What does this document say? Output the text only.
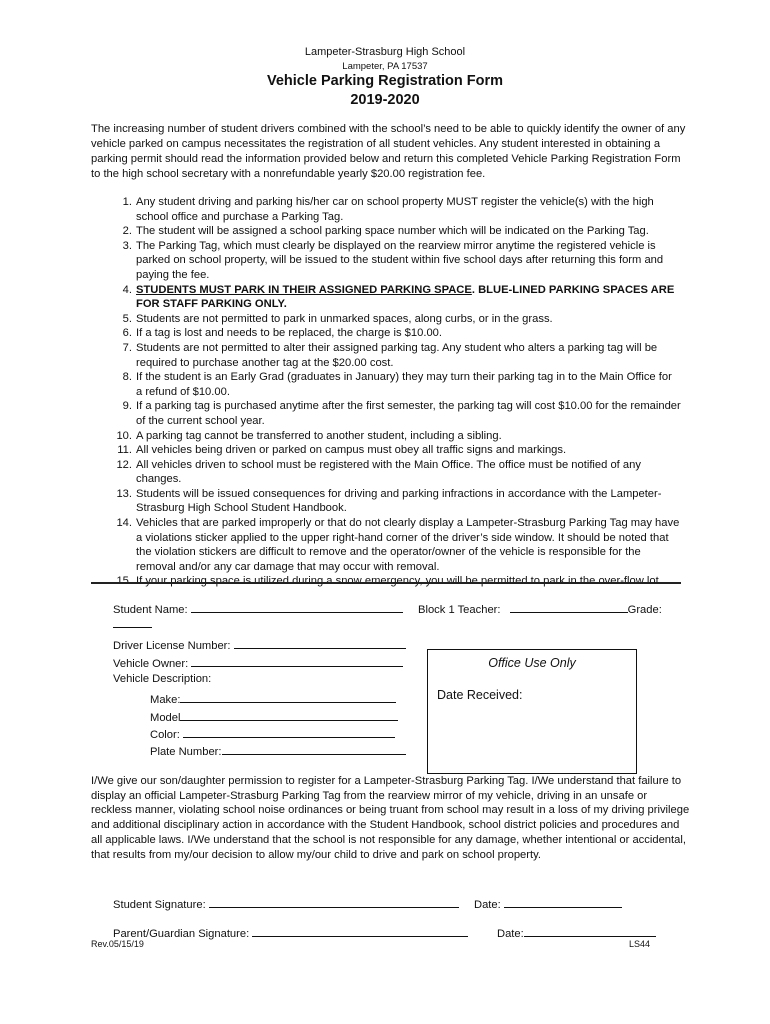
Lampeter-Strasburg High School
Lampeter, PA 17537
Vehicle Parking Registration Form
2019-2020

The increasing number of student drivers combined with the school’s need to be able to quickly identify the owner of any vehicle parked on campus necessitates the registration of all student vehicles. Any student interested in obtaining a parking permit should read the information provided below and return this completed Vehicle Parking Registration Form to the high school secretary with a nonrefundable yearly $20.00 registration fee.

1. Any student driving and parking his/her car on school property MUST register the vehicle(s) with the high school office and purchase a Parking Tag.
2. The student will be assigned a school parking space number which will be indicated on the Parking Tag.
3. The Parking Tag, which must clearly be displayed on the rearview mirror anytime the registered vehicle is parked on school property, will be issued to the student within five school days after returning this form and paying the fee.
4. STUDENTS MUST PARK IN THEIR ASSIGNED PARKING SPACE. BLUE-LINED PARKING SPACES ARE FOR STAFF PARKING ONLY.
5. Students are not permitted to park in unmarked spaces, along curbs, or in the grass.
6. If a tag is lost and needs to be replaced, the charge is $10.00.
7. Students are not permitted to alter their assigned parking tag. Any student who alters a parking tag will be required to purchase another tag at the $20.00 cost.
8. If the student is an Early Grad (graduates in January) they may turn their parking tag in to the Main Office for a refund of $10.00.
9. If a parking tag is purchased anytime after the first semester, the parking tag will cost $10.00 for the remainder of the current school year.
10. A parking tag cannot be transferred to another student, including a sibling.
11. All vehicles being driven or parked on campus must obey all traffic signs and markings.
12. All vehicles driven to school must be registered with the Main Office. The office must be notified of any changes.
13. Students will be issued consequences for driving and parking infractions in accordance with the Lampeter-Strasburg High School Student Handbook.
14. Vehicles that are parked improperly or that do not clearly display a Lampeter-Strasburg Parking Tag may have a violations sticker applied to the upper right-hand corner of the driver’s side window. It should be noted that the violation stickers are difficult to remove and the operator/owner of the vehicle is responsible for the removal and/or any car damage that may occur with removal.
15. If your parking space is utilized during a snow emergency, you will be permitted to park in the over-flow lot.
Student Name:	Block 1 Teacher:	Grade:
Driver License Number:
Vehicle Owner:
Vehicle Description:
Make:
Model
Color:
Plate Number:
Office Use Only
Date Received:

I/We give our son/daughter permission to register for a Lampeter-Strasburg Parking Tag. I/We understand that failure to display an official Lampeter-Strasburg Parking Tag from the rearview mirror of my vehicle, driving in an unsafe or reckless manner, violating school noise ordinances or being truant from school may result in a loss of my driving privilege and additional disciplinary action in accordance with the Student Handbook, school district policies and procedures and all applicable laws. I/We understand that the school is not responsible for any damage, whether intentional or accidental, that results from my/our decision to allow my/our child to drive and park on school property.

Student Signature:	Date:
Parent/Guardian Signature:	Date:
Rev.05/15/19	LS44
